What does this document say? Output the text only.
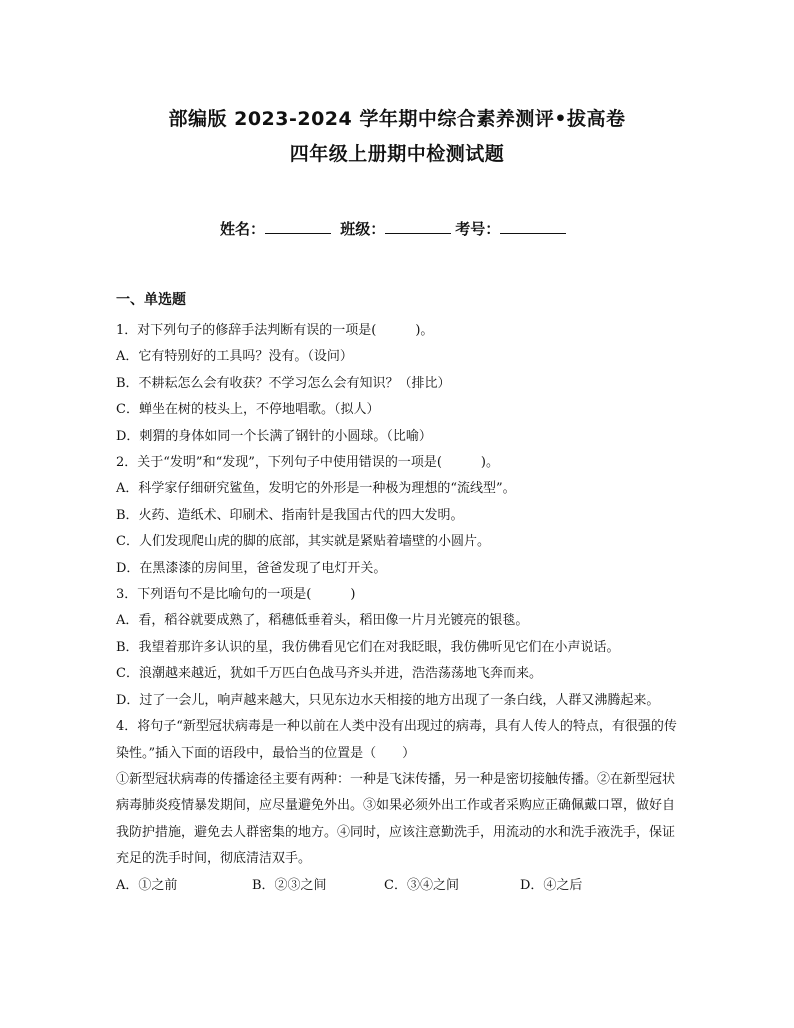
部编版 2023-2024 学年期中综合素养测评•拔高卷
四年级上册期中检测试题
姓名：	班级：	考号：
一、单选题
1．对下列句子的修辞手法判断有误的一项是(　　　)。
A．它有特别好的工具吗？没有。（设问）
B．不耕耘怎么会有收获？不学习怎么会有知识？（排比）
C．蝉坐在树的枝头上，不停地唱歌。（拟人）
D．刺猬的身体如同一个长满了钢针的小圆球。（比喻）
2．关于“发明”和“发现”，下列句子中使用错误的一项是(　　　)。
A．科学家仔细研究鲨鱼，发明它的外形是一种极为理想的“流线型”。
B．火药、造纸术、印刷术、指南针是我国古代的四大发明。
C．人们发现爬山虎的脚的底部，其实就是紧贴着墙壁的小圆片。
D．在黑漆漆的房间里，爸爸发现了电灯开关。
3．下列语句不是比喻句的一项是(　　　)
A．看，稻谷就要成熟了，稻穗低垂着头，稻田像一片月光镀亮的银毯。
B．我望着那许多认识的星，我仿佛看见它们在对我眨眼，我仿佛听见它们在小声说话。
C．浪潮越来越近，犹如千万匹白色战马齐头并进，浩浩荡荡地飞奔而来。
D．过了一会儿，响声越来越大，只见东边水天相接的地方出现了一条白线，人群又沸腾起来。
4．将句子“新型冠状病毒是一种以前在人类中没有出现过的病毒，具有人传人的特点，有很强的传染性。”插入下面的语段中，最恰当的位置是（　　）
①新型冠状病毒的传播途径主要有两种：一种是飞沫传播，另一种是密切接触传播。②在新型冠状病毒肺炎疫情暴发期间，应尽量避免外出。③如果必须外出工作或者采购应正确佩戴口罩，做好自我防护措施，避免去人群密集的地方。④同时，应该注意勤洗手，用流动的水和洗手液洗手，保证充足的洗手时间，彻底清洁双手。
A．①之前	B．②③之间	C．③④之间	D．④之后
